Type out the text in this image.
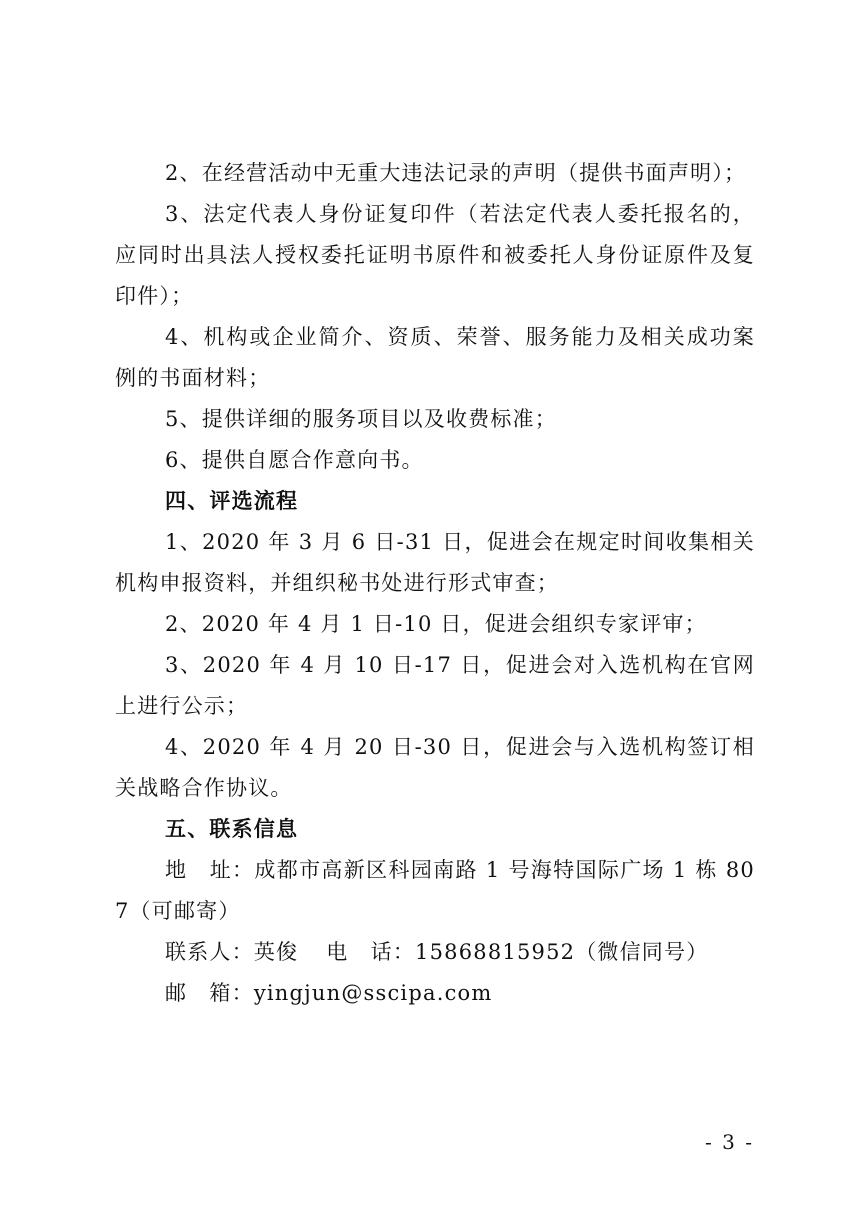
2、在经营活动中无重大违法记录的声明（提供书面声明）；

3、法定代表人身份证复印件（若法定代表人委托报名的，应同时出具法人授权委托证明书原件和被委托人身份证原件及复印件）；

4、机构或企业简介、资质、荣誉、服务能力及相关成功案例的书面材料；

5、提供详细的服务项目以及收费标准；

6、提供自愿合作意向书。

四、评选流程

1、2020 年 3 月 6 日-31 日，促进会在规定时间收集相关机构申报资料，并组织秘书处进行形式审查；

2、2020 年 4 月 1 日-10 日，促进会组织专家评审；

3、2020 年 4 月 10 日-17 日，促进会对入选机构在官网上进行公示；

4、2020 年 4 月 20 日-30 日，促进会与入选机构签订相关战略合作协议。

五、联系信息

地　址：成都市高新区科园南路 1 号海特国际广场 1 栋 807（可邮寄）

联系人：英俊 电　话：15868815952（微信同号）

邮　箱：yingjun@sscipa.com

- 3 -
